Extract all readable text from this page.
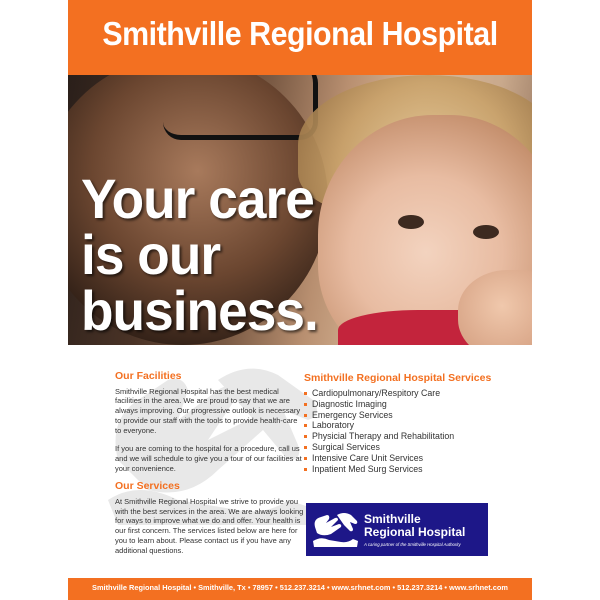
Smithville Regional Hospital
Your care
is our
business.
Our Facilities

Smithville Regional Hospital has the best medical facilities in the area. We are proud to say that we are always improving. Our progressive outlook is necessary to provide our staff with the tools to provide health-care to everyone.

If you are coming to the hospital for a procedure, call us and we will schedule to give you a tour of our facilities at your convenience.

Our Services

At Smithville Regional Hospital we strive to provide you with the best services in the area. We are always looking for ways to improve what we do and offer. Your health is our first concern. The services listed below are here for you to learn about. Please contact us if you have any additional questions.

Smithville Regional Hospital Services
Cardiopulmonary/Respitory Care
Diagnostic Imaging
Emergency Services
Laboratory
Physicial Therapy and Rehabilitation
Surgical Services
Intensive Care Unit Services
Inpatient Med Surg Services
Smithville
Regional Hospital
A caring partner of the Smithville Hospital Authority
Smithville Regional Hospital • Smithville, Tx • 78957 • 512.237.3214 • www.srhnet.com • 512.237.3214 • www.srhnet.com
